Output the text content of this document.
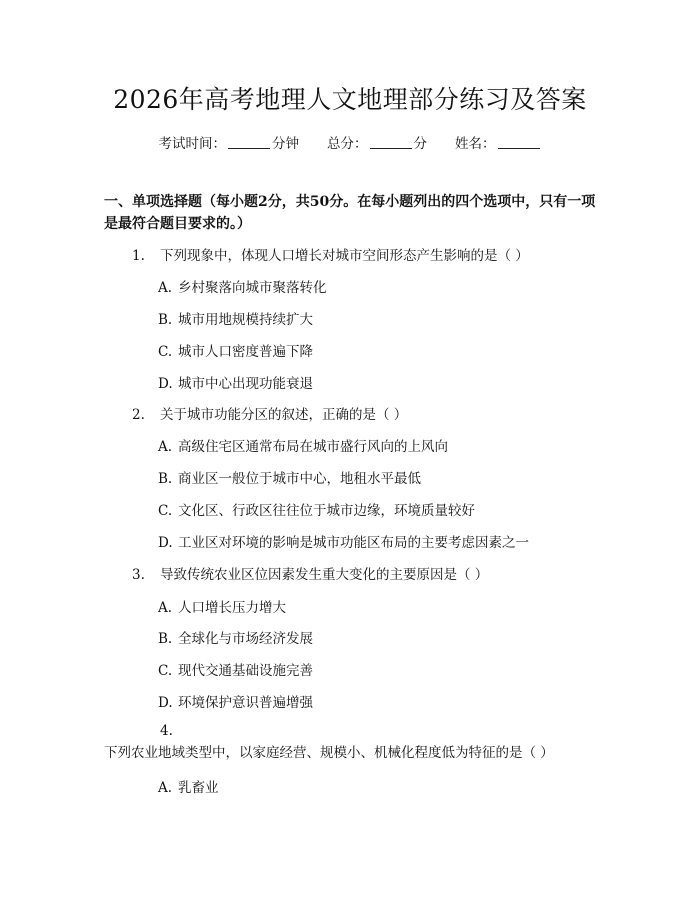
2026年高考地理人文地理部分练习及答案
考试时间：	分钟 总分：	分 姓名：
一、单项选择题（每小题2分，共50分。在每小题列出的四个选项中，只有一项是最符合题目要求的。）
1. 下列现象中，体现人口增长对城市空间形态产生影响的是（ ）
A. 乡村聚落向城市聚落转化
B. 城市用地规模持续扩大
C. 城市人口密度普遍下降
D. 城市中心出现功能衰退
2. 关于城市功能分区的叙述，正确的是（ ）
A. 高级住宅区通常布局在城市盛行风向的上风向
B. 商业区一般位于城市中心，地租水平最低
C. 文化区、行政区往往位于城市边缘，环境质量较好
D. 工业区对环境的影响是城市功能区布局的主要考虑因素之一
3. 导致传统农业区位因素发生重大变化的主要原因是（ ）
A. 人口增长压力增大
B. 全球化与市场经济发展
C. 现代交通基础设施完善
D. 环境保护意识普遍增强
4.下列农业地域类型中，以家庭经营、规模小、机械化程度低为特征的是（ ）
A. 乳畜业
